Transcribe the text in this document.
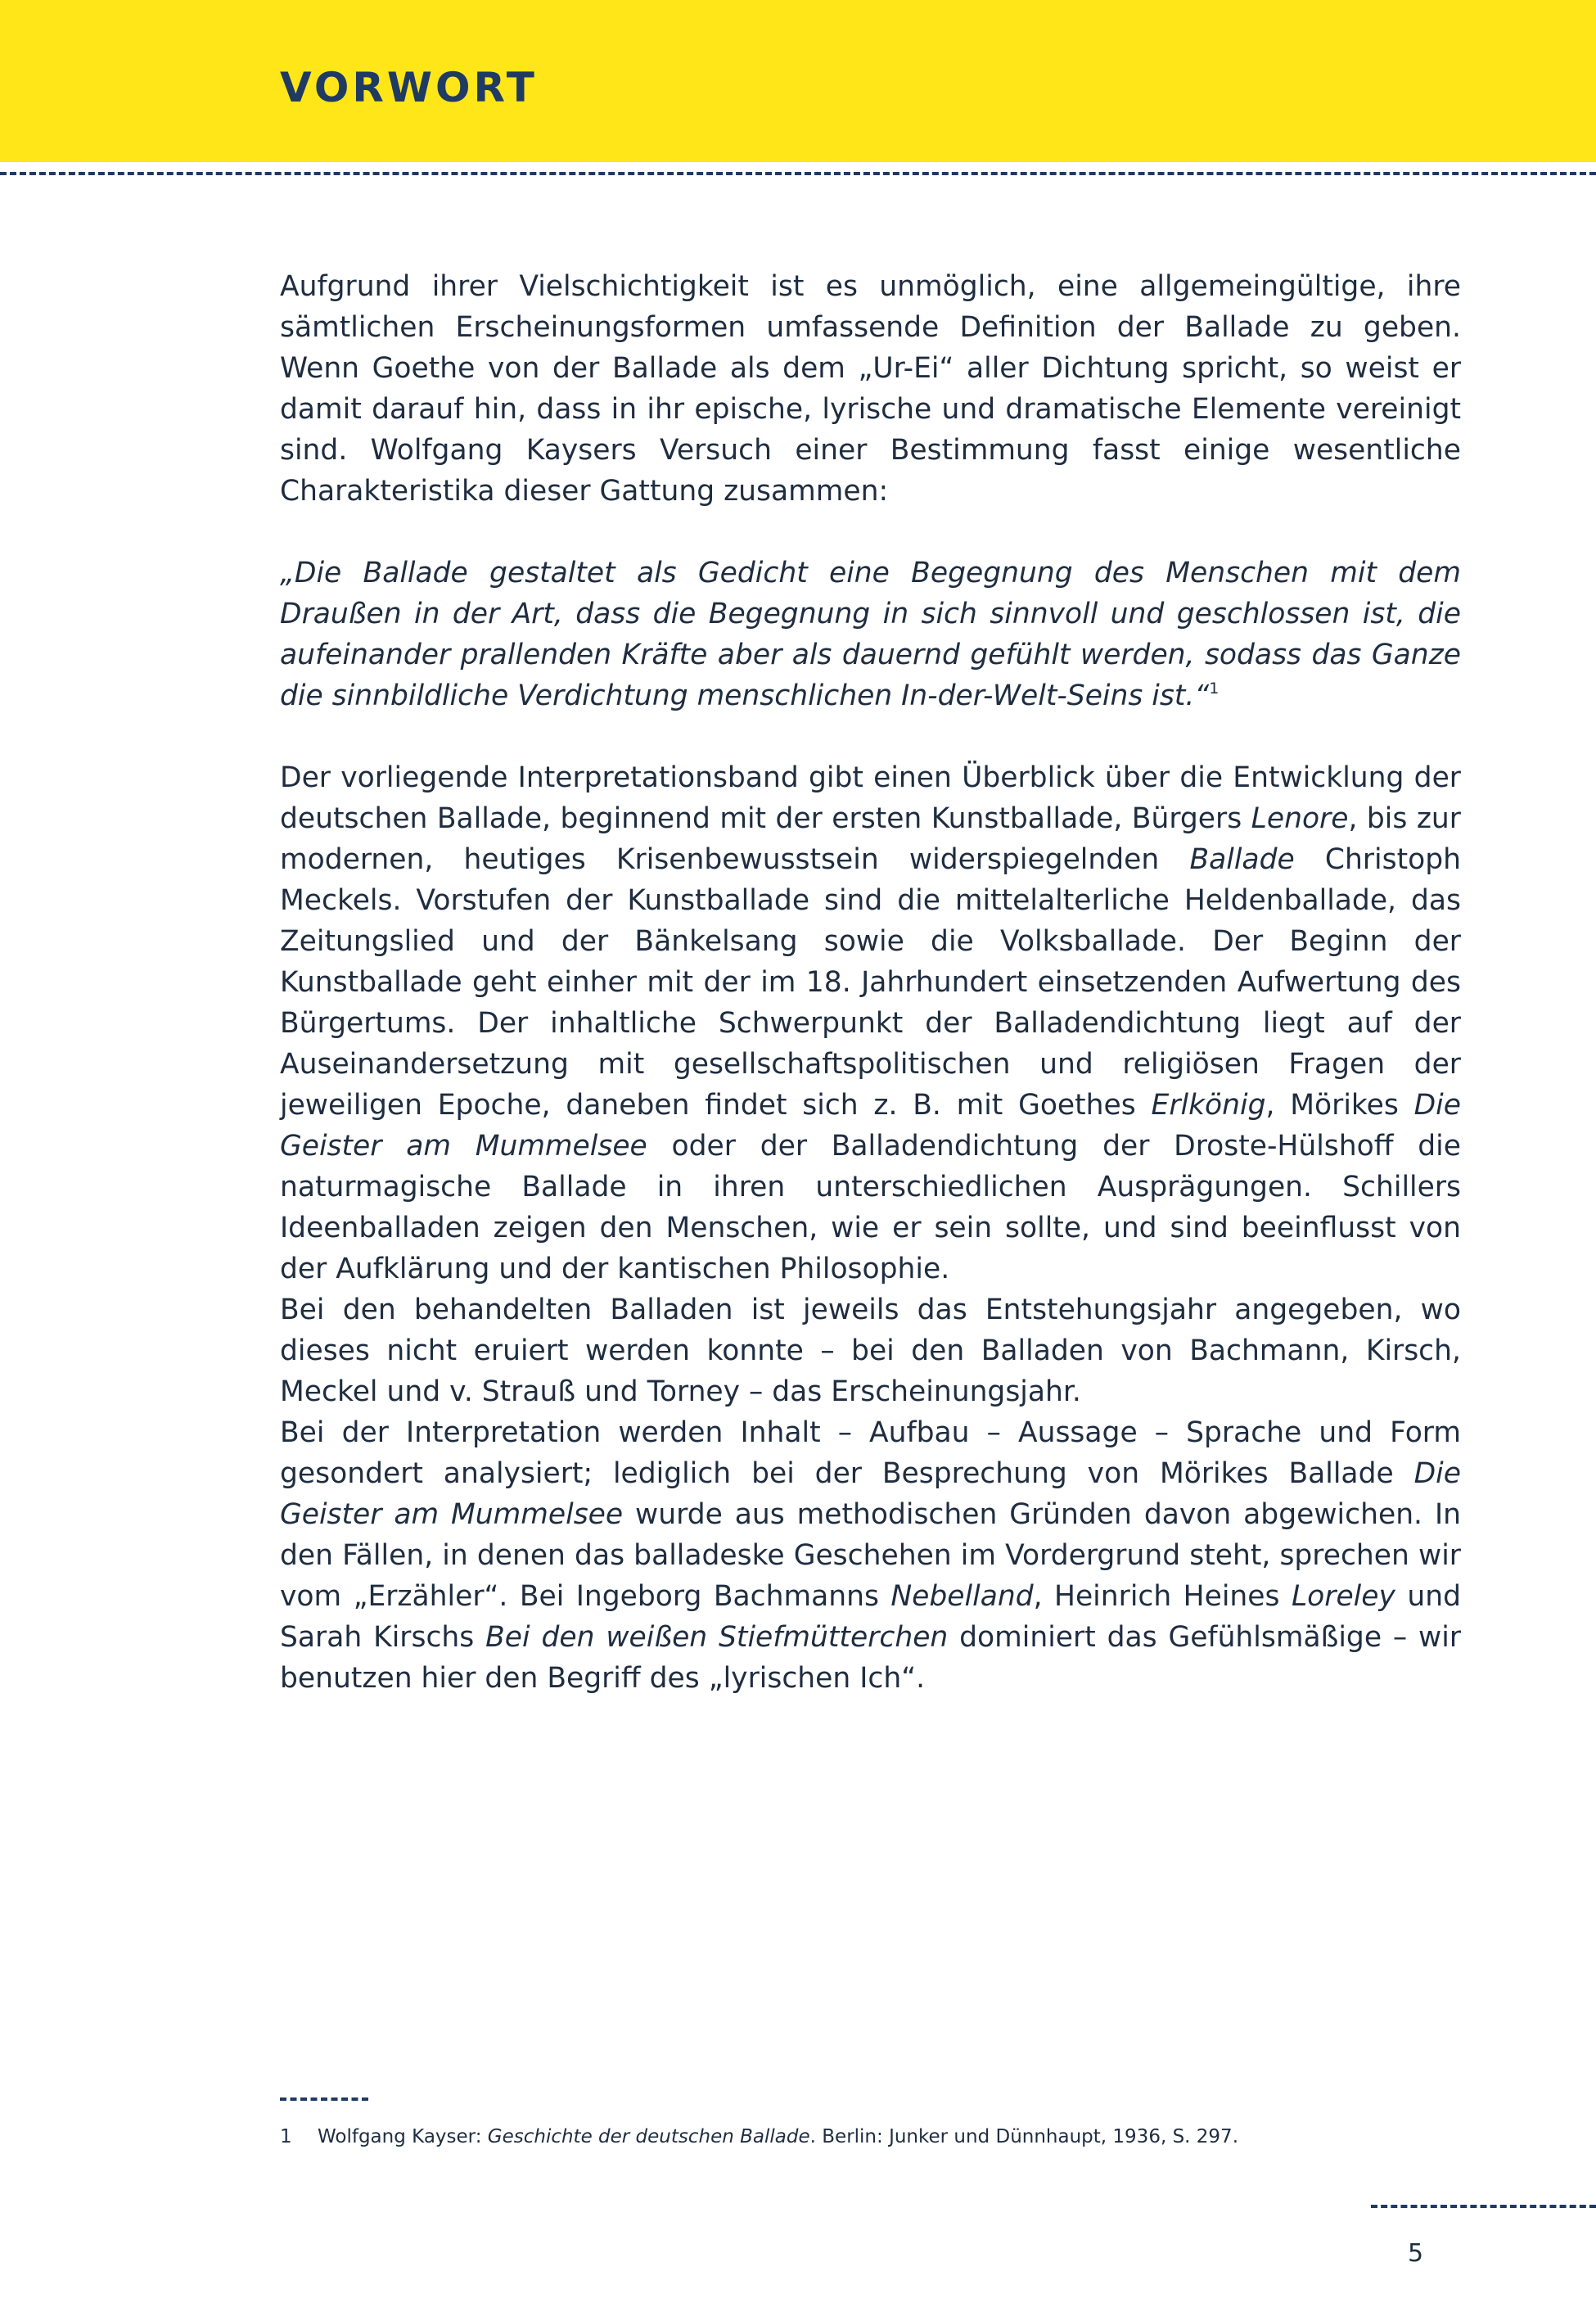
VORWORT

Aufgrund ihrer Vielschichtigkeit ist es unmöglich, eine allgemeingültige, ihre sämtlichen Erscheinungsformen umfassende Definition der Ballade zu geben. Wenn Goethe von der Ballade als dem „Ur-Ei“ aller Dichtung spricht, so weist er damit darauf hin, dass in ihr epische, lyrische und dramatische Elemente vereinigt sind. Wolfgang Kaysers Versuch einer Bestimmung fasst einige wesentliche Charakteristika dieser Gattung zusammen:

„Die Ballade gestaltet als Gedicht eine Begegnung des Menschen mit dem Draußen in der Art, dass die Begegnung in sich sinnvoll und geschlossen ist, die aufeinander prallenden Kräfte aber als dauernd gefühlt werden, sodass das Ganze die sinnbildliche Verdichtung menschlichen In-der-Welt-Seins ist.“$^1$

Der vorliegende Interpretationsband gibt einen Überblick über die Entwicklung der deutschen Ballade, beginnend mit der ersten Kunstballade, Bürgers Lenore, bis zur modernen, heutiges Krisenbewusstsein widerspiegelnden Ballade Christoph Meckels. Vorstufen der Kunstballade sind die mittelalterliche Heldenballade, das Zeitungslied und der Bänkelsang sowie die Volksballade. Der Beginn der Kunstballade geht einher mit der im 18. Jahrhundert einsetzenden Aufwertung des Bürgertums. Der inhaltliche Schwerpunkt der Balladendichtung liegt auf der Auseinandersetzung mit gesellschaftspolitischen und religiösen Fragen der jeweiligen Epoche, daneben findet sich z. B. mit Goethes Erlkönig, Mörikes Die Geister am Mummelsee oder der Balladendichtung der Droste-Hülshoff die naturmagische Ballade in ihren unterschiedlichen Ausprägungen. Schillers Ideenballaden zeigen den Menschen, wie er sein sollte, und sind beeinflusst von der Aufklärung und der kantischen Philosophie.

Bei den behandelten Balladen ist jeweils das Entstehungsjahr angegeben, wo dieses nicht eruiert werden konnte – bei den Balladen von Bachmann, Kirsch, Meckel und v. Strauß und Torney – das Erscheinungsjahr.

Bei der Interpretation werden Inhalt – Aufbau – Aussage – Sprache und Form gesondert analysiert; lediglich bei der Besprechung von Mörikes Ballade Die Geister am Mummelsee wurde aus methodischen Gründen davon abgewichen. In den Fällen, in denen das balladeske Geschehen im Vordergrund steht, sprechen wir vom „Erzähler“. Bei Ingeborg Bachmanns Nebelland, Heinrich Heines Loreley und Sarah Kirschs Bei den weißen Stiefmütterchen dominiert das Gefühlsmäßige – wir benutzen hier den Begriff des „lyrischen Ich“.

1 Wolfgang Kayser: Geschichte der deutschen Ballade. Berlin: Junker und Dünnhaupt, 1936, S. 297.
5
